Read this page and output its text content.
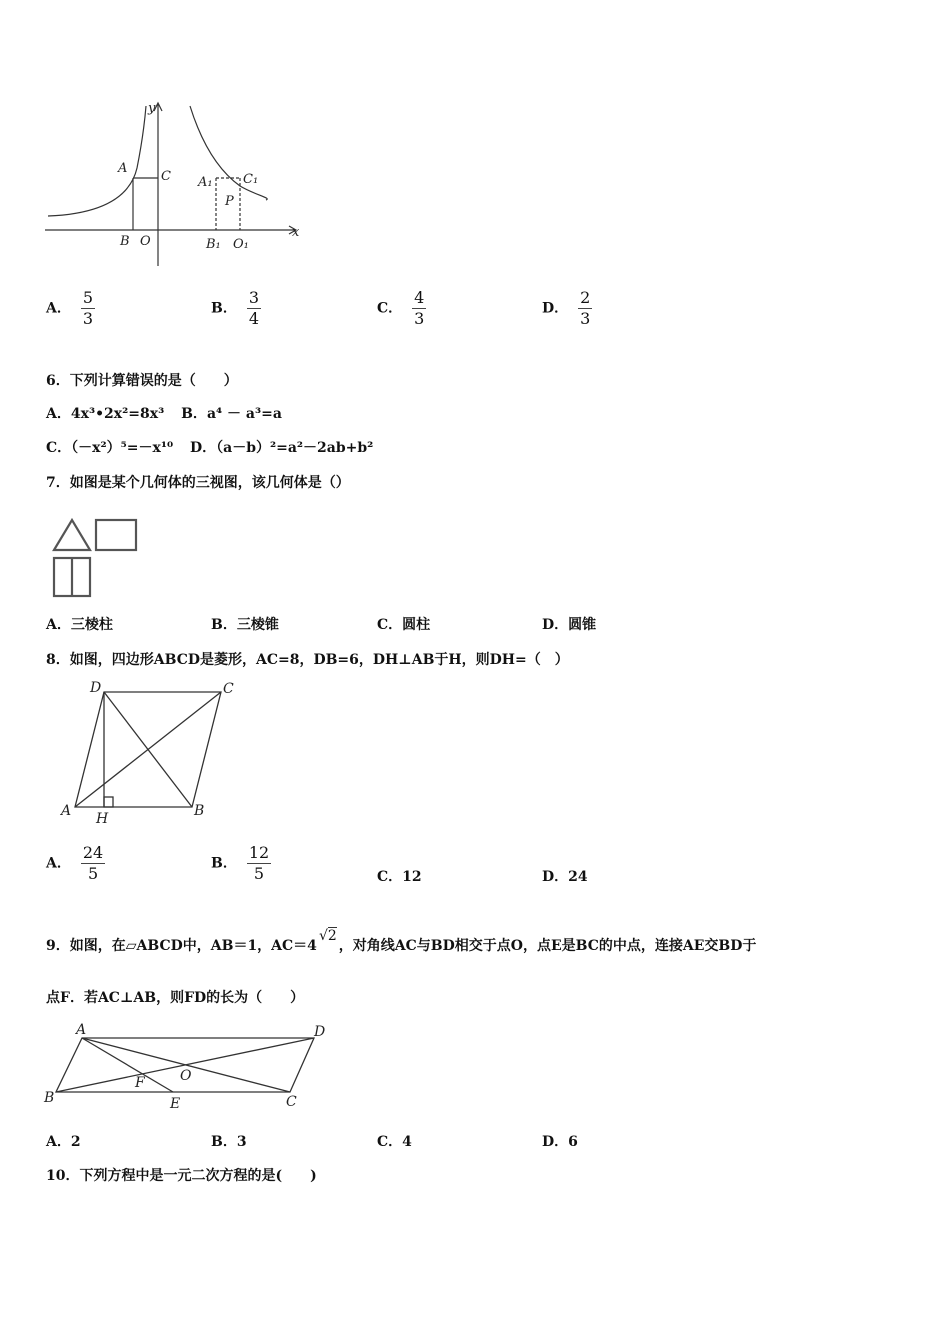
y
x
A
C
B O
A₁ C₁
P
B₁ O₁
A． $\frac{5}{3}$	B． $\frac{3}{4}$	C． $\frac{4}{3}$	D． $\frac{2}{3}$
6．下列计算错误的是（　　）
A．4x³•2x²=8x³ B．a⁴ － a³=a
C．（－x²）⁵=－x¹⁰ D．（a－b）²=a²－2ab+b²
7．如图是某个几何体的三视图，该几何体是（）
A．三棱柱	B．三棱锥	C．圆柱	D．圆锥
8．如图，四边形ABCD是菱形，AC=8，DB=6，DH⊥AB于H，则DH=（　）
D	C
A H	B
A． $\frac{24}{5}$	B． $\frac{12}{5}$	C．12	D．24
9．如图，在▱ABCD中，AB＝1，AC＝4√2，对角线AC与BD相交于点O，点E是BC的中点，连接AE交BD于
点F．若AC⊥AB，则FD的长为（　　）
A	D
F	O
B	E	C
A．2	B．3	C．4	D．6
10．下列方程中是一元二次方程的是(　　)
